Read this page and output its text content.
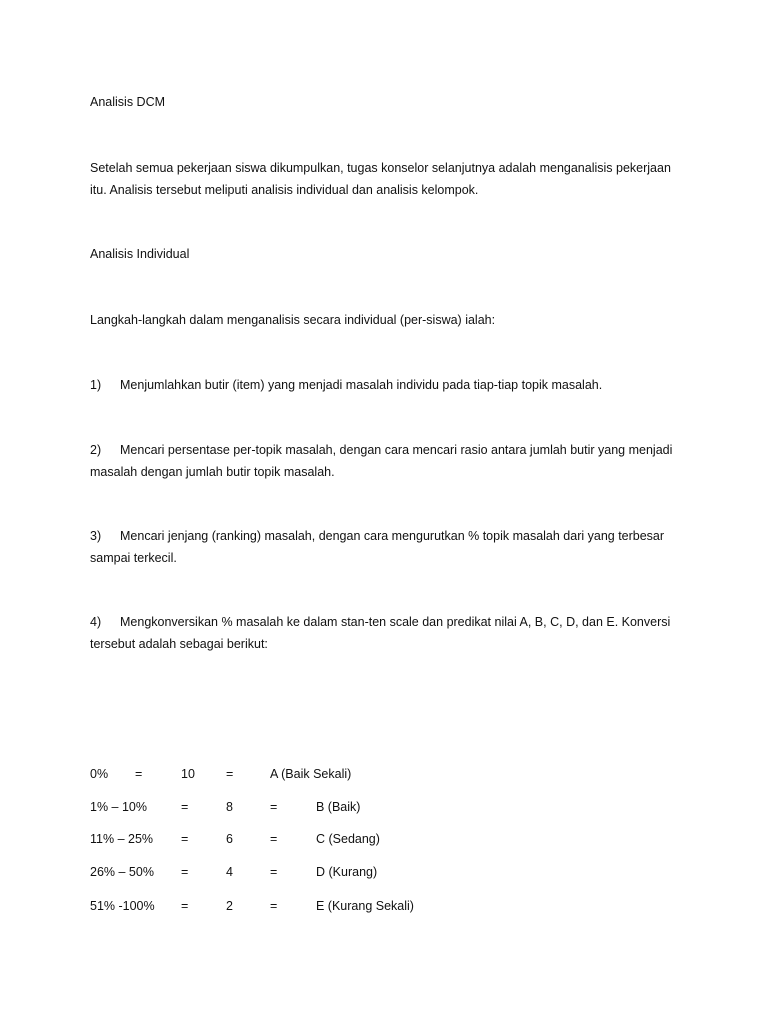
Analisis DCM
Setelah semua pekerjaan siswa dikumpulkan, tugas konselor selanjutnya adalah menganalisis pekerjaan itu. Analisis tersebut meliputi analisis individual dan analisis kelompok.
Analisis Individual
Langkah-langkah dalam menganalisis secara individual (per-siswa) ialah:
1) Menjumlahkan butir (item) yang menjadi masalah individu pada tiap-tiap topik masalah.
2) Mencari persentase per-topik masalah, dengan cara mencari rasio antara jumlah butir yang menjadi masalah dengan jumlah butir topik masalah.
3) Mencari jenjang (ranking) masalah, dengan cara mengurutkan % topik masalah dari yang terbesar sampai terkecil.
4) Mengkonversikan % masalah ke dalam stan-ten scale dan predikat nilai A, B, C, D, dan E. Konversi tersebut adalah sebagai berikut:
0% =	10 =	A (Baik Sekali)
1% – 10%	=	8	=	B (Baik)
11% – 25% =	6	=	C (Sedang)
26% – 50% =	4	=	D (Kurang)
51% -100% =	2	=	E (Kurang Sekali)
